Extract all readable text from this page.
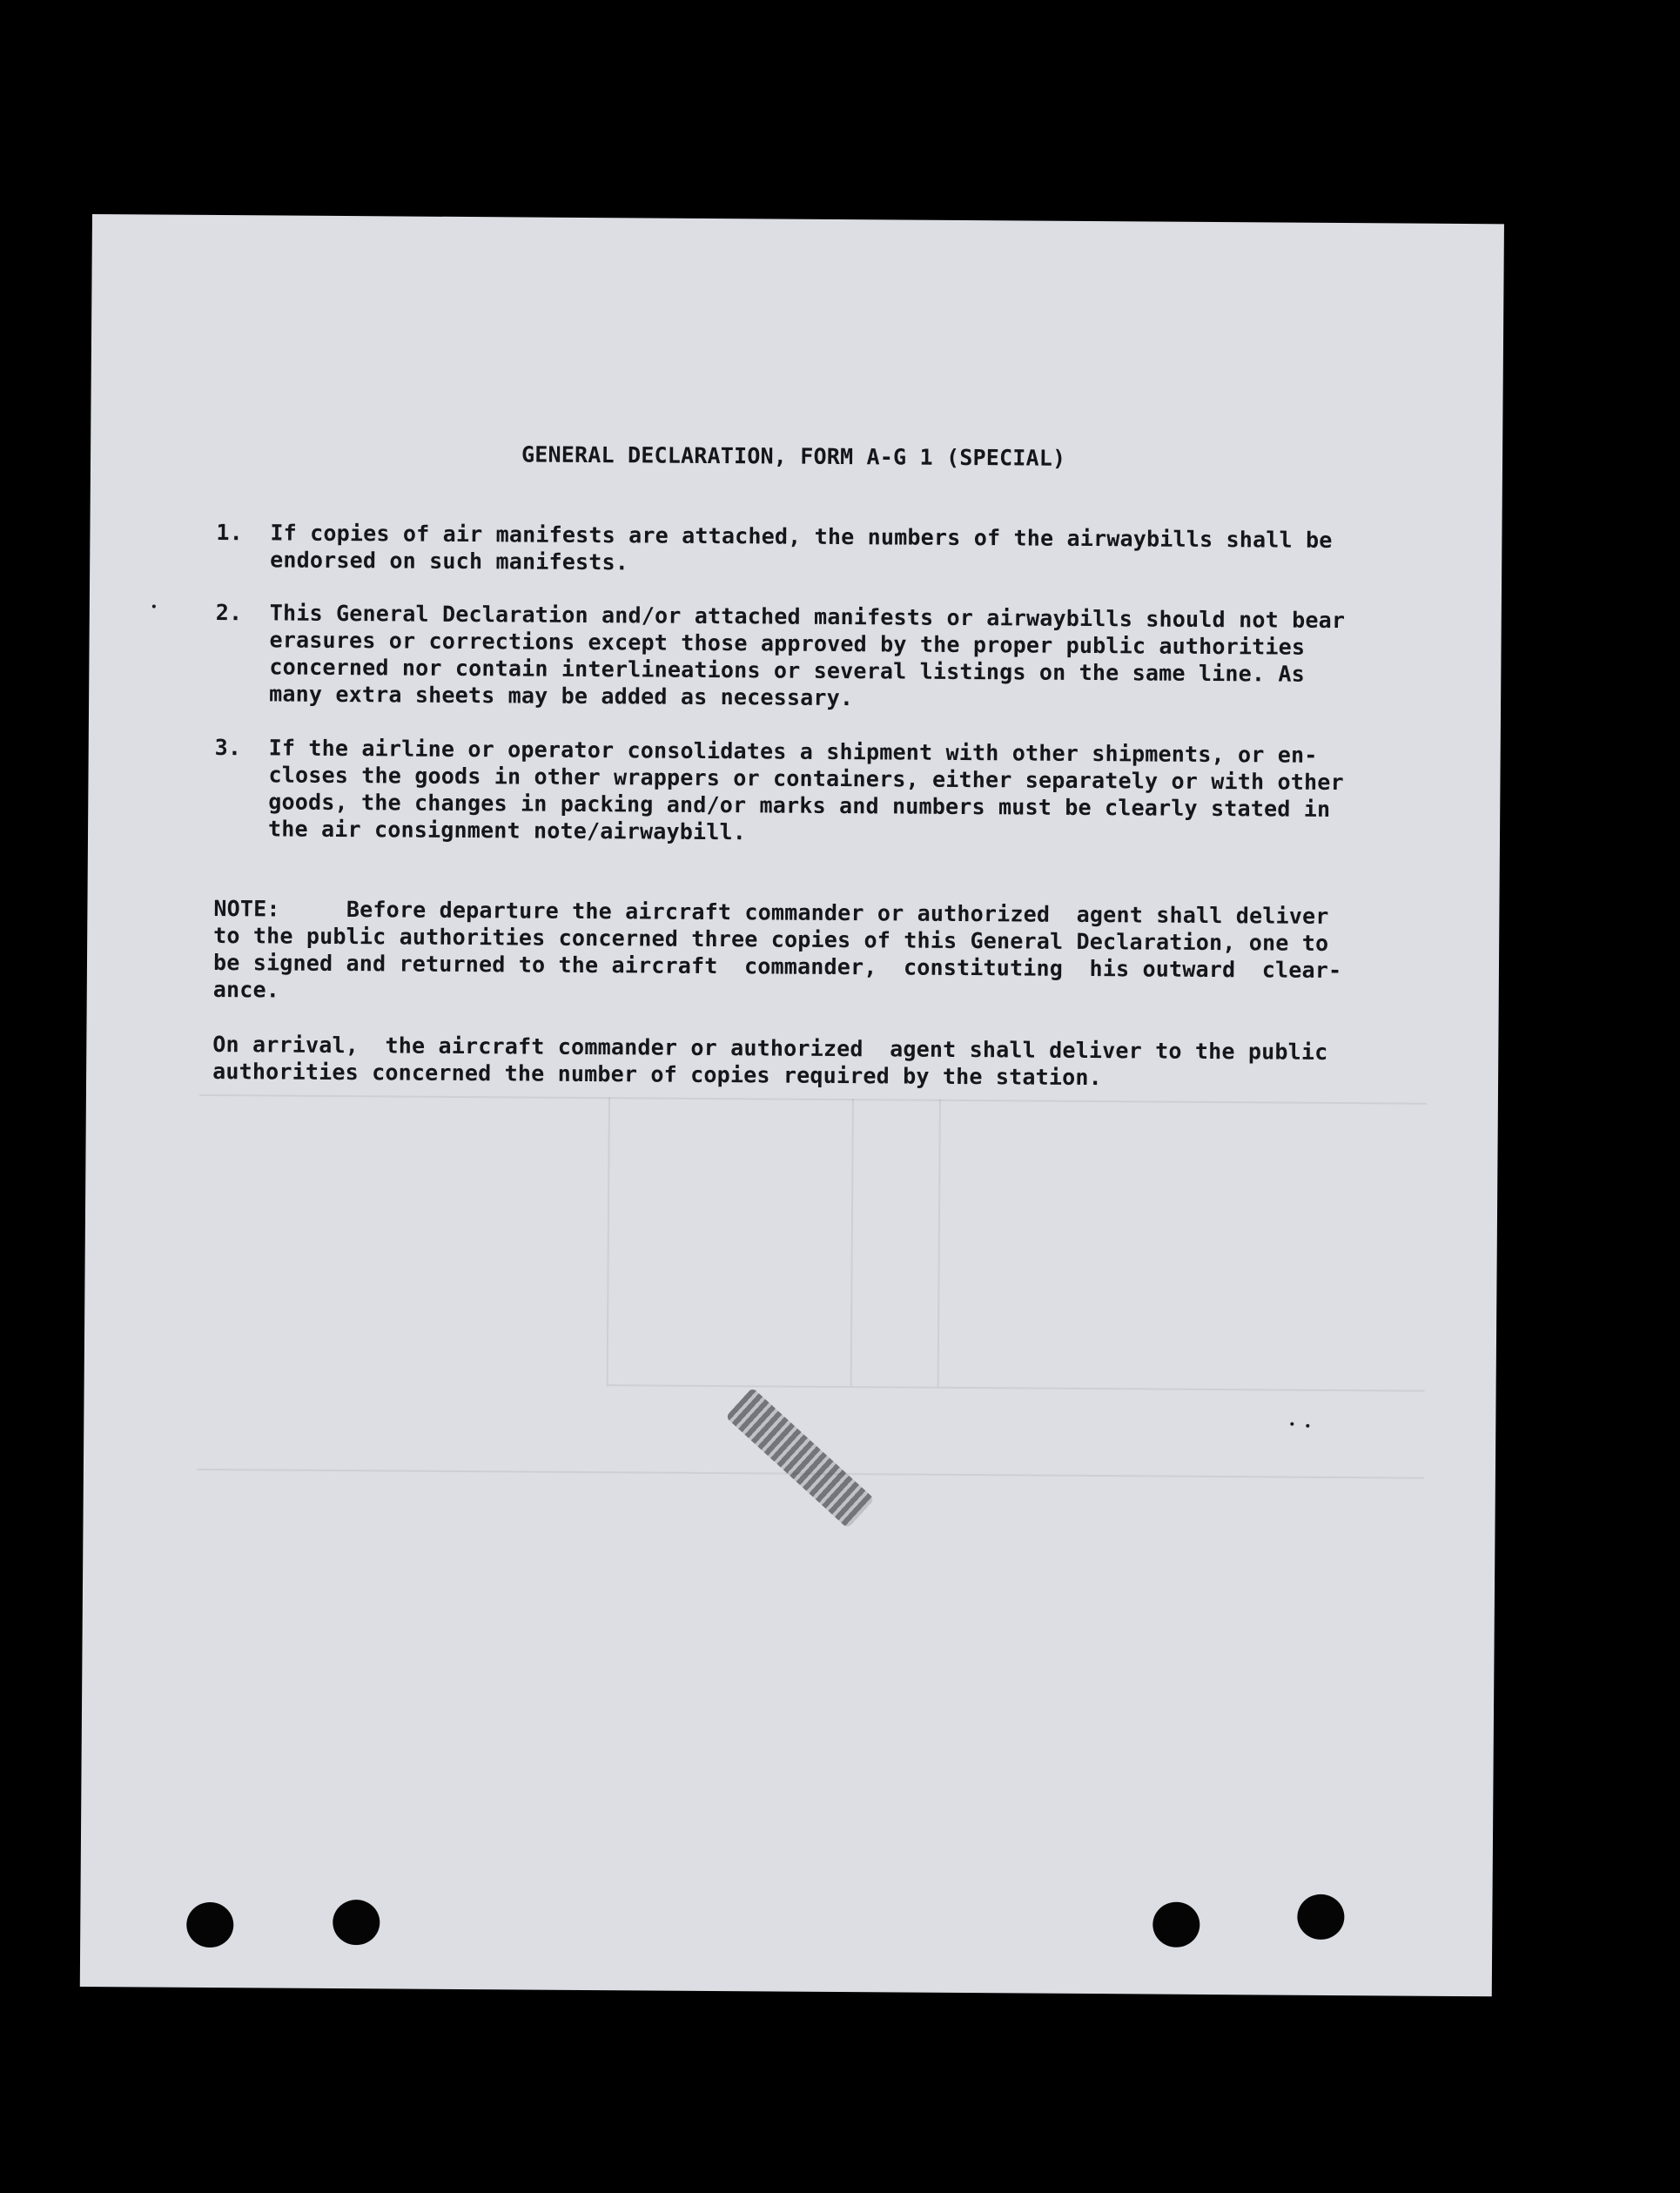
GENERAL DECLARATION, FORM A-G 1 (SPECIAL)
1.	If copies of air manifests are attached, the numbers of the airwaybills shall be
endorsed on such manifests.
2.	This General Declaration and/or attached manifests or airwaybills should not bear
erasures or corrections except those approved by the proper public authorities
concerned nor contain interlineations or several listings on the same line. As
many extra sheets may be added as necessary.
3.	If the airline or operator consolidates a shipment with other shipments, or en-
closes the goods in other wrappers or containers, either separately or with other
goods, the changes in packing and/or marks and numbers must be clearly stated in
the air consignment note/airwaybill.
NOTE:     Before departure the aircraft commander or authorized  agent shall deliver
to the public authorities concerned three copies of this General Declaration, one to
be signed and returned to the aircraft  commander,  constituting  his outward  clear-
ance.
On arrival,  the aircraft commander or authorized  agent shall deliver to the public
authorities concerned the number of copies required by the station.
